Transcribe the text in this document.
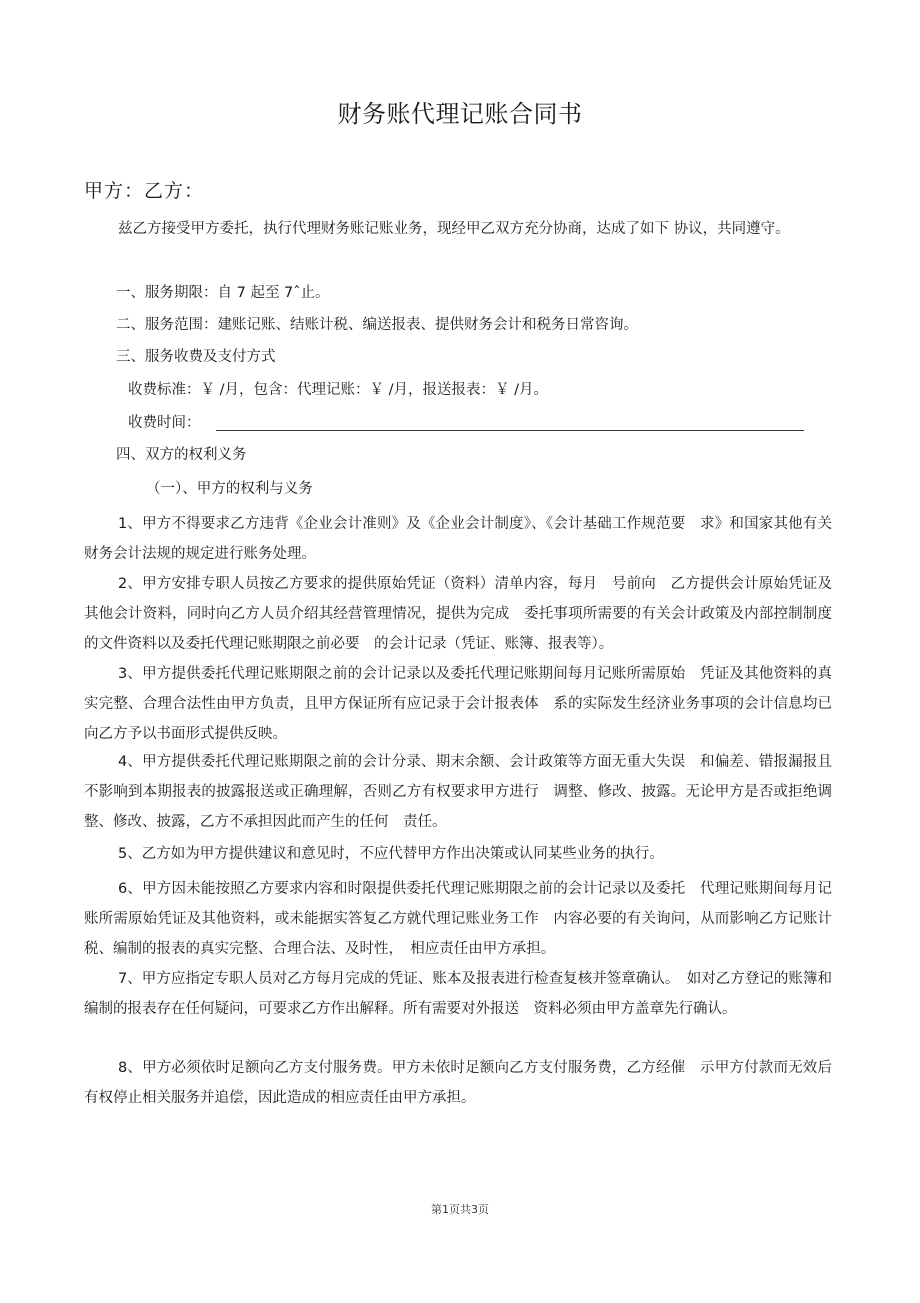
财务账代理记账合同书
甲方：乙方：

兹乙方接受甲方委托，执行代理财务账记账业务，现经甲乙双方充分协商，达成了如下 协议，共同遵守。

一、服务期限：自 7 起至 7ˆ止。
二、服务范围：建账记账、结账计税、编送报表、提供财务会计和税务日常咨询。
三、服务收费及支付方式
收费标准：￥ /月，包含：代理记账：￥ /月，报送报表：￥ /月。
收费时间：
四、双方的权利义务
（一）、甲方的权利与义务

1、甲方不得要求乙方违背《企业会计准则》及《企业会计制度》、《会计基础工作规范要　求》和国家其他有关财务会计法规的规定进行账务处理。

2、甲方安排专职人员按乙方要求的提供原始凭证（资料）清单内容，每月　号前向　乙方提供会计原始凭证及其他会计资料，同时向乙方人员介绍其经营管理情况，提供为完成　委托事项所需要的有关会计政策及内部控制制度的文件资料以及委托代理记账期限之前必要　的会计记录（凭证、账簿、报表等）。

3、甲方提供委托代理记账期限之前的会计记录以及委托代理记账期间每月记账所需原始　凭证及其他资料的真实完整、合理合法性由甲方负责，且甲方保证所有应记录于会计报表体　系的实际发生经济业务事项的会计信息均已向乙方予以书面形式提供反映。

4、甲方提供委托代理记账期限之前的会计分录、期末余额、会计政策等方面无重大失误　和偏差、错报漏报且不影响到本期报表的披露报送或正确理解，否则乙方有权要求甲方进行　调整、修改、披露。无论甲方是否或拒绝调整、修改、披露，乙方不承担因此而产生的任何　责任。

5、乙方如为甲方提供建议和意见时，不应代替甲方作出决策或认同某些业务的执行。

6、甲方因未能按照乙方要求内容和时限提供委托代理记账期限之前的会计记录以及委托　代理记账期间每月记账所需原始凭证及其他资料，或未能据实答复乙方就代理记账业务工作　内容必要的有关询问，从而影响乙方记账计税、编制的报表的真实完整、合理合法、及时性，　相应责任由甲方承担。

7、甲方应指定专职人员对乙方每月完成的凭证、账本及报表进行检查复核并签章确认。　如对乙方登记的账簿和编制的报表存在任何疑问，可要求乙方作出解释。所有需要对外报送　资料必须由甲方盖章先行确认。

8、甲方必须依时足额向乙方支付服务费。甲方未依时足额向乙方支付服务费，乙方经催　示甲方付款而无效后有权停止相关服务并追偿，因此造成的相应责任由甲方承担。

第1页共3页
